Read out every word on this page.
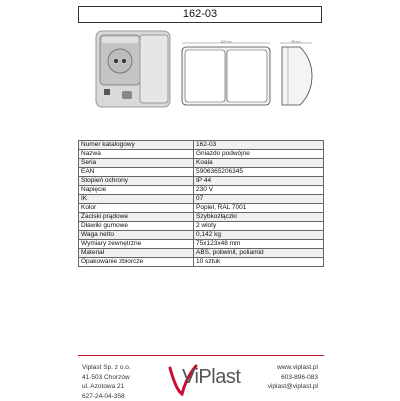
162-03
123 mm	48 mm
Numer katalogowy	162-03
Nazwa	Gniazdo podwójne
Seria	Koala
EAN	5906365206345
Stopień ochrony	IP 44
Napięcie	230 V
IK	07
Kolor	Popiel, RAL 7001
Zaciski prądowe	Szybkozłączki
Dławiki gumowe	2 wloty
Waga netto	0,142 kg
Wymiary zewnętrzne	75x123x48 mm
Materiał	ABS, poliwinit, poliamid
Opakowanie zbiorcze	10 sztuk
Viplast Sp. z o.o.
41-503 Chorzów
ul. Azotowa 21
627-24-04-358
ViPlast	www.viplast.pl
603-896-083
viplast@viplast.pl
